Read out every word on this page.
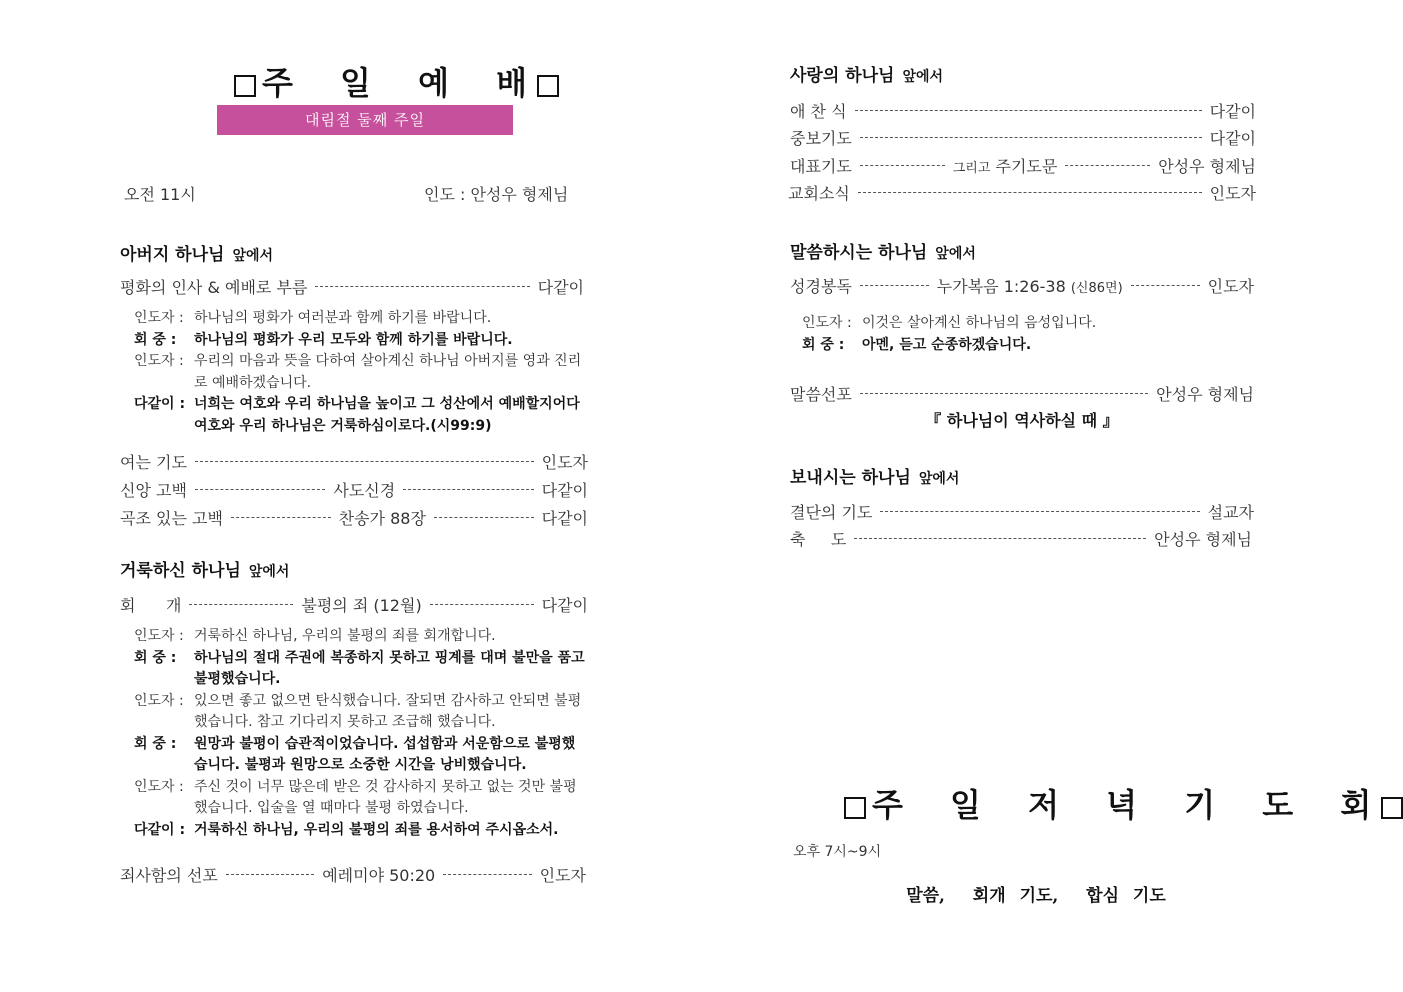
주 일 예 배
대림절 둘째 주일
오전 11시	인도 : 안성우 형제님
아버지 하나님 앞에서
평화의 인사 & 예배로 부름	다같이
인도자 : 하나님의 평화가 여러분과 함께 하기를 바랍니다.
회 중 :	하나님의 평화가 우리 모두와 함께 하기를 바랍니다.
인도자 : 우리의 마음과 뜻을 다하여 살아계신 하나님 아버지를 영과 진리로 예배하겠습니다.
다같이 : 너희는 여호와 우리 하나님을 높이고 그 성산에서 예배할지어다 여호와 우리 하나님은 거룩하심이로다.(시99:9)
여는 기도	인도자
신앙 고백	사도신경	다같이
곡조 있는 고백	찬송가 88장	다같이
거룩하신 하나님 앞에서
회      개	불평의 죄 (12월)	다같이
인도자 : 거룩하신 하나님, 우리의 불평의 죄를 회개합니다.
회 중 :	하나님의 절대 주권에 복종하지 못하고 핑계를 대며 불만을 품고 불평했습니다.
인도자 : 있으면 좋고 없으면 탄식했습니다. 잘되면 감사하고 안되면 불평했습니다. 참고 기다리지 못하고 조급해 했습니다.
회 중 :	원망과 불평이 습관적이었습니다. 섭섭함과 서운함으로 불평했습니다. 불평과 원망으로 소중한 시간을 낭비했습니다.
인도자 : 주신 것이 너무 많은데 받은 것 감사하지 못하고 없는 것만 불평했습니다. 입술을 열 때마다 불평 하였습니다.
다같이 : 거룩하신 하나님, 우리의 불평의 죄를 용서하여 주시옵소서.
죄사함의 선포	예레미야 50:20	인도자
사랑의 하나님 앞에서
애 찬 식	다같이
중보기도	다같이
대표기도	그리고 주기도문	안성우 형제님
교회소식	인도자
말씀하시는 하나님 앞에서
성경봉독	누가복음 1:26-38 (신86면)	인도자
인도자 : 이것은 살아계신 하나님의 음성입니다.
회 중 :	아멘, 듣고 순종하겠습니다.
말씀선포	안성우 형제님
『 하나님이 역사하실 때 』
보내시는 하나님 앞에서
결단의 기도	설교자
축     도	안성우 형제님
주 일 저 녁 기 도 회
오후 7시~9시
말씀,  회개 기도,  합심 기도
